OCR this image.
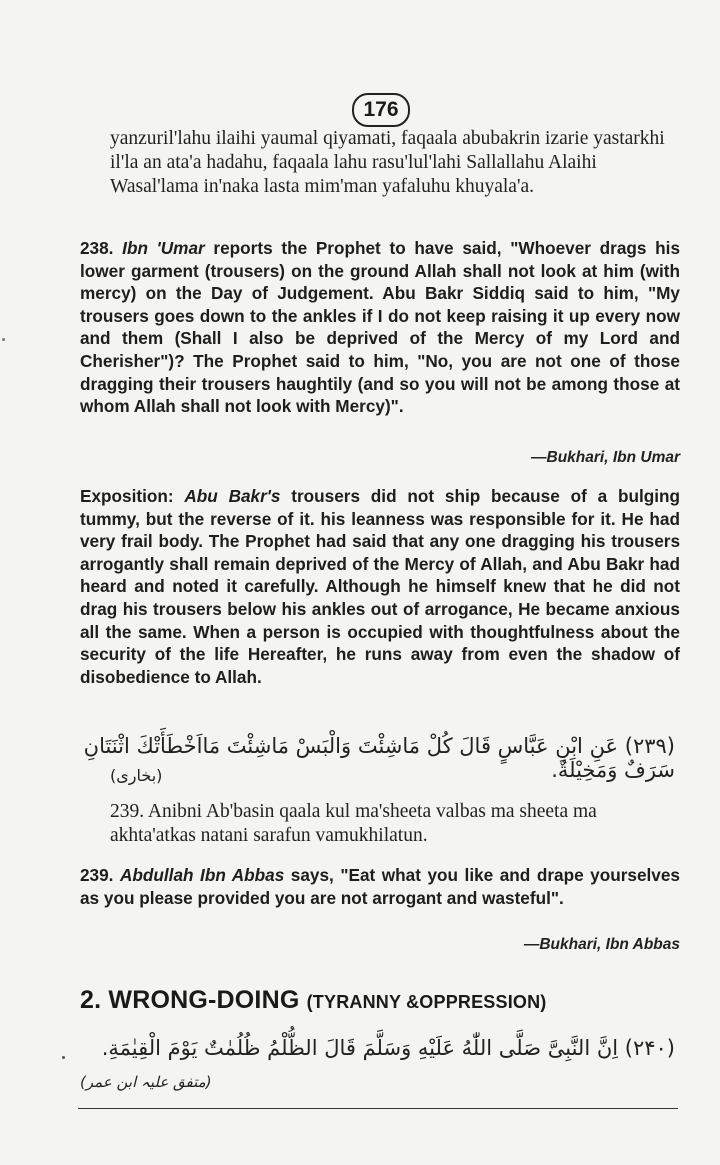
176
yanzuril'lahu ilaihi yaumal qiyamati, faqaala abubakrin izarie yastarkhi il'la an ata'a hadahu, faqaala lahu rasu'lul'lahi Sallallahu Alaihi Wasal'lama in'naka lasta mim'man yafaluhu khuyala'a.
238. Ibn 'Umar reports the Prophet to have said, "Whoever drags his lower garment (trousers) on the ground Allah shall not look at him (with mercy) on the Day of Judgement. Abu Bakr Siddiq said to him, "My trousers goes down to the ankles if I do not keep raising it up every now and them (Shall I also be deprived of the Mercy of my Lord and Cherisher")? The Prophet said to him, "No, you are not one of those dragging their trousers haughtily (and so you will not be among those at whom Allah shall not look with Mercy)".
—Bukhari, Ibn Umar
Exposition: Abu Bakr's trousers did not ship because of a bulging tummy, but the reverse of it. his leanness was responsible for it. He had very frail body. The Prophet had said that any one dragging his trousers arrogantly shall remain deprived of the Mercy of Allah, and Abu Bakr had heard and noted it carefully. Although he himself knew that he did not drag his trousers below his ankles out of arrogance, He became anxious all the same. When a person is occupied with thoughtfulness about the security of the life Hereafter, he runs away from even the shadow of disobedience to Allah.
(۲۳۹) عَنِ ابْنِ عَبَّاسٍ قَالَ كُلْ مَاشِئْتَ وَالْبَسْ مَاشِئْتَ مَااَخْطَأَتْكَ اثْنَتَانِ سَرَفٌ وَمَخِيْلَةٌ.
(بخاری)
239. Anibni Ab'basin qaala kul ma'sheeta valbas ma sheeta ma akhta'atkas natani sarafun vamukhilatun.
239. Abdullah Ibn Abbas says, "Eat what you like and drape yourselves as you please provided you are not arrogant and wasteful".
—Bukhari, Ibn Abbas
2. WRONG-DOING (TYRANNY &OPPRESSION)
(۲۴۰) اِنَّ النَّبِیَّ صَلَّی اللّٰهُ عَلَیْهِ وَسَلَّمَ قَالَ الظُّلْمُ ظُلُمٰتٌ یَوْمَ الْقِیٰمَةِ.
(متفق علیہ ابن عمر)
